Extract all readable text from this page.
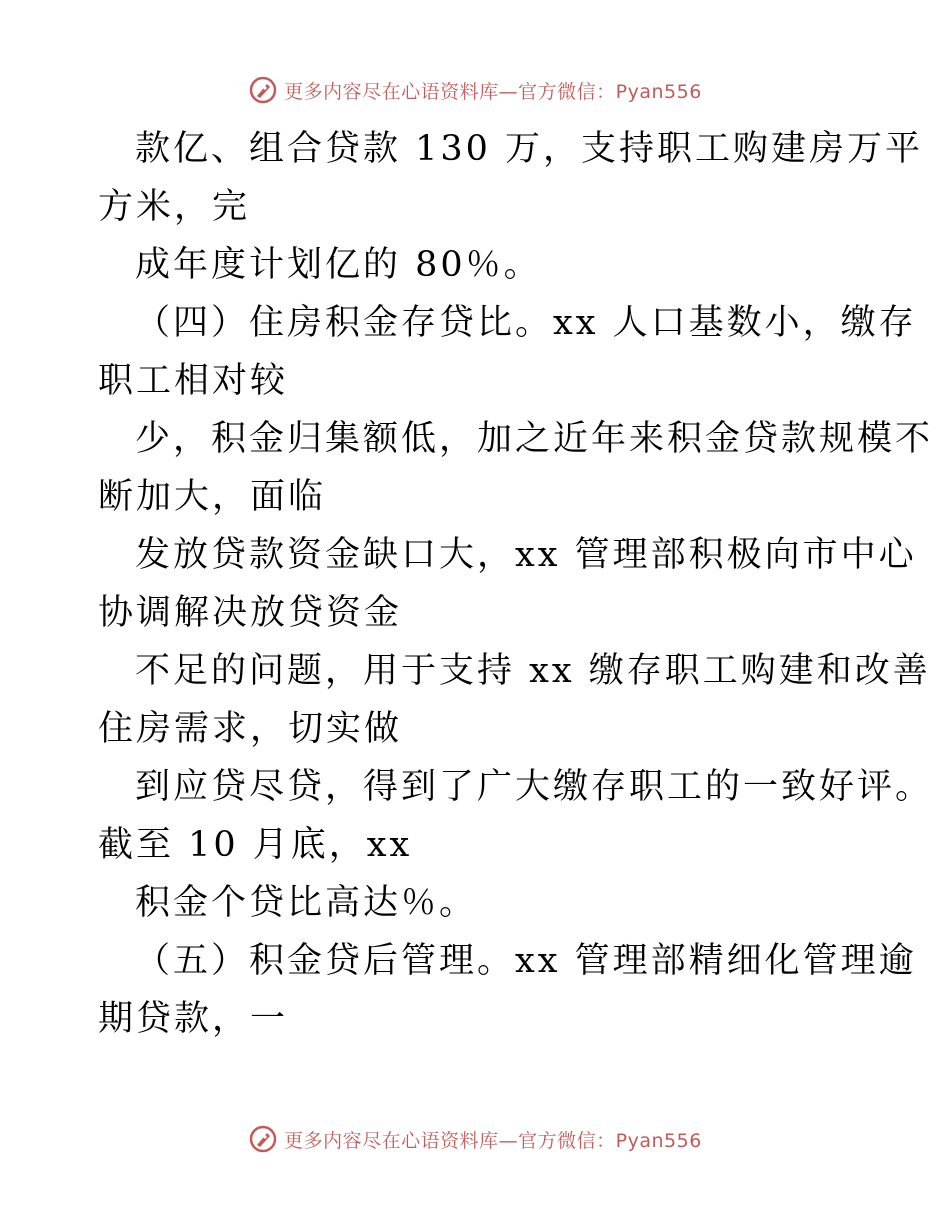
更多内容尽在心语资料库—官方微信：Pyan556
款亿、组合贷款 130 万，支持职工购建房万平
方米，完
成年度计划亿的 80％。
（四）住房积金存贷比。xx 人口基数小，缴存
职工相对较
少，积金归集额低，加之近年来积金贷款规模不
断加大，面临
发放贷款资金缺口大，xx 管理部积极向市中心
协调解决放贷资金
不足的问题，用于支持 xx 缴存职工购建和改善
住房需求，切实做
到应贷尽贷，得到了广大缴存职工的一致好评。
截至 10 月底，xx
积金个贷比高达％。
（五）积金贷后管理。xx 管理部精细化管理逾
期贷款，一
更多内容尽在心语资料库—官方微信：Pyan556
